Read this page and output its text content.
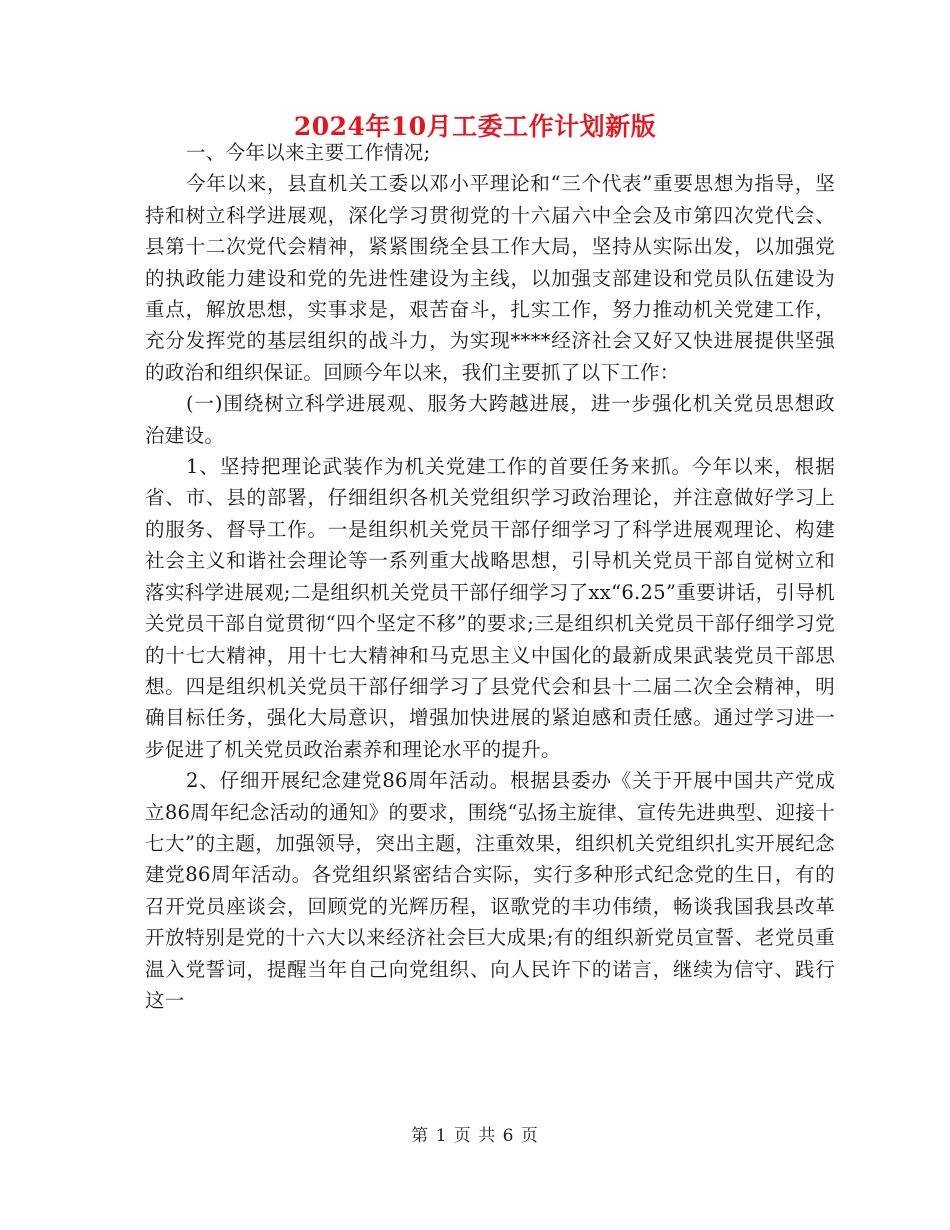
2024年10月工委工作计划新版

一、今年以来主要工作情况;

今年以来，县直机关工委以邓小平理论和“三个代表”重要思想为指导，坚持和树立科学进展观，深化学习贯彻党的十六届六中全会及市第四次党代会、县第十二次党代会精神，紧紧围绕全县工作大局，坚持从实际出发，以加强党的执政能力建设和党的先进性建设为主线，以加强支部建设和党员队伍建设为重点，解放思想，实事求是，艰苦奋斗，扎实工作，努力推动机关党建工作，充分发挥党的基层组织的战斗力，为实现****经济社会又好又快进展提供坚强的政治和组织保证。回顾今年以来，我们主要抓了以下工作：

(一)围绕树立科学进展观、服务大跨越进展，进一步强化机关党员思想政治建设。

1、坚持把理论武装作为机关党建工作的首要任务来抓。今年以来，根据省、市、县的部署，仔细组织各机关党组织学习政治理论，并注意做好学习上的服务、督导工作。一是组织机关党员干部仔细学习了科学进展观理论、构建社会主义和谐社会理论等一系列重大战略思想，引导机关党员干部自觉树立和落实科学进展观;二是组织机关党员干部仔细学习了xx“6.25”重要讲话，引导机关党员干部自觉贯彻“四个坚定不移”的要求;三是组织机关党员干部仔细学习党的十七大精神，用十七大精神和马克思主义中国化的最新成果武装党员干部思想。四是组织机关党员干部仔细学习了县党代会和县十二届二次全会精神，明确目标任务，强化大局意识，增强加快进展的紧迫感和责任感。通过学习进一步促进了机关党员政治素养和理论水平的提升。

2、仔细开展纪念建党86周年活动。根据县委办《关于开展中国共产党成立86周年纪念活动的通知》的要求，围绕“弘扬主旋律、宣传先进典型、迎接十七大”的主题，加强领导，突出主题，注重效果，组织机关党组织扎实开展纪念建党86周年活动。各党组织紧密结合实际，实行多种形式纪念党的生日，有的召开党员座谈会，回顾党的光辉历程，讴歌党的丰功伟绩，畅谈我国我县改革开放特别是党的十六大以来经济社会巨大成果;有的组织新党员宣誓、老党员重温入党誓词，提醒当年自己向党组织、向人民许下的诺言，继续为信守、践行这一

第 1 页 共 6 页
